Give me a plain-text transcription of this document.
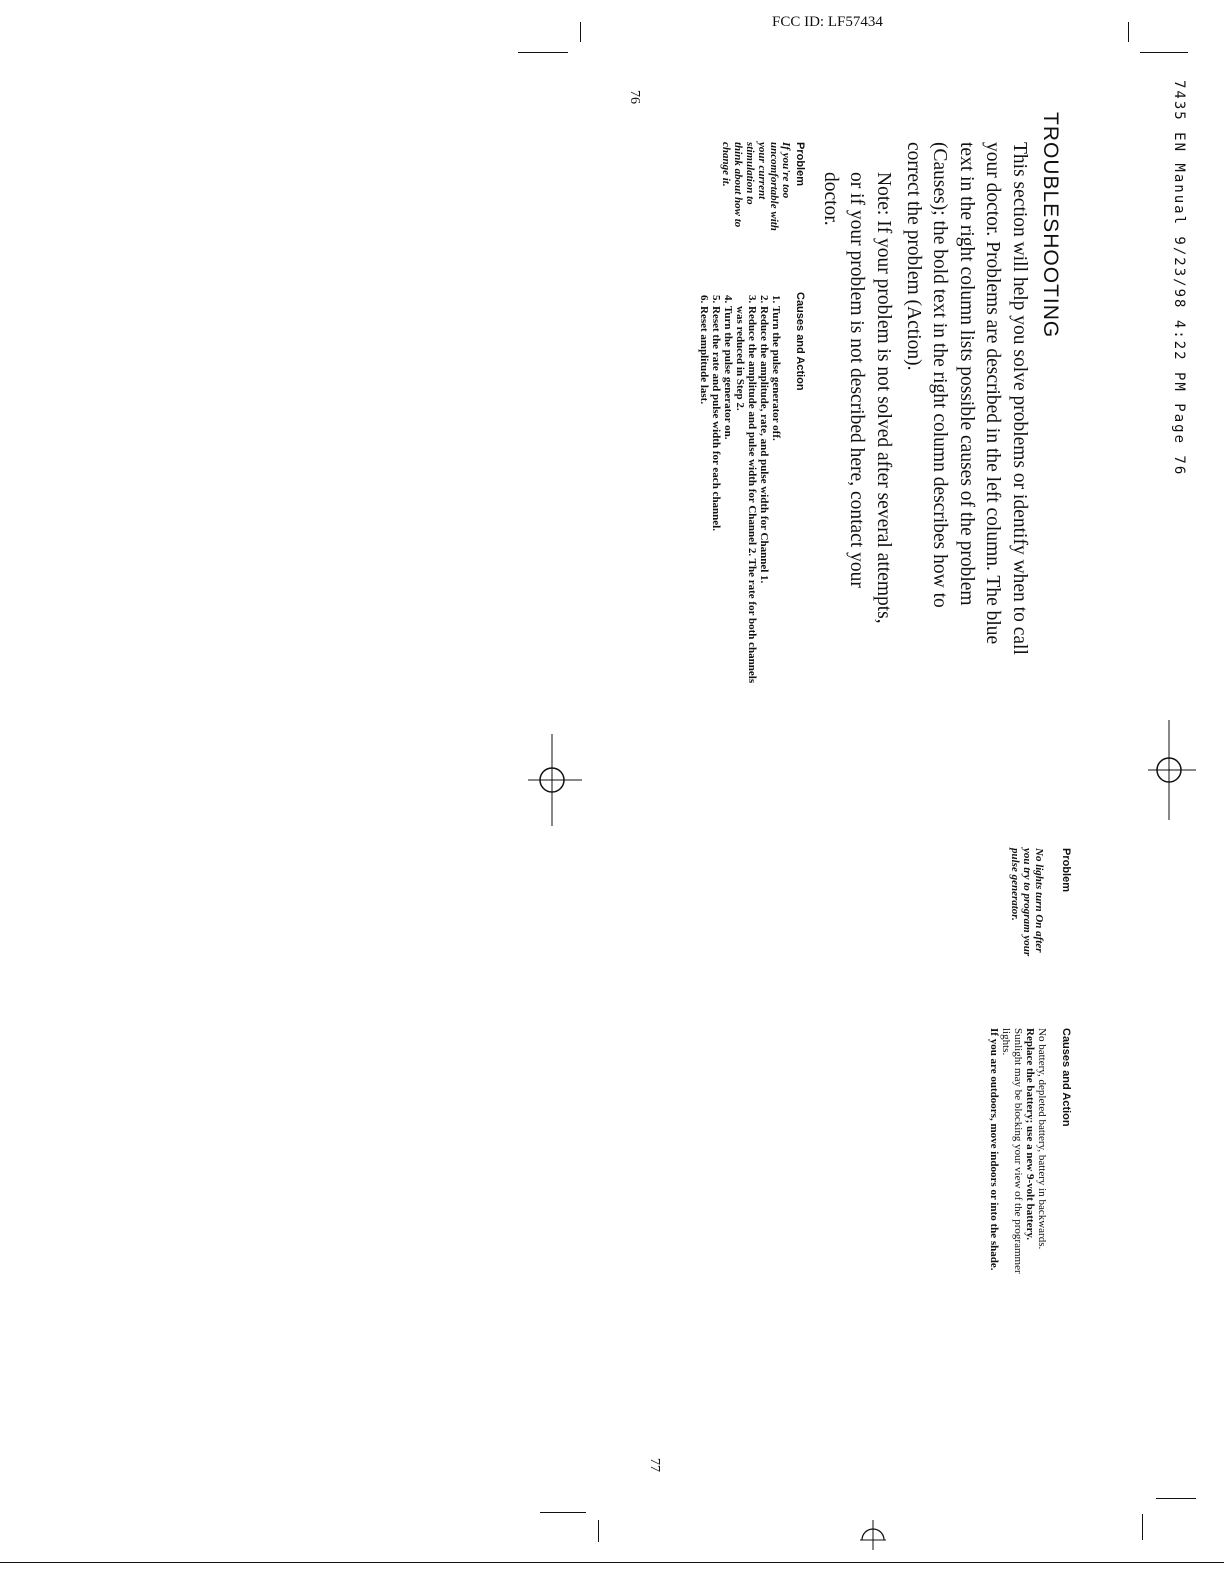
FCC ID: LF57434
7435 EN Manual 9/23/98 4:22 PM Page 76
TROUBLESHOOTING

This section will help you solve problems or identify when to call

your doctor. Problems are described in the left column. The blue

text in the right column lists possible causes of the problem

(Causes); the bold text in the right column describes how to

correct the problem (Action).

Note: If your problem is not solved after several attempts,

or if your problem is not described here, contact your

doctor.

Problem

If you're too

uncomfortable with

your current

stimulation to

think about how to

change it.

Causes and Action
1. Turn the pulse generator off.
2. Reduce the amplitude, rate, and pulse width for Channel 1.
3. Reduce the amplitude and pulse width for Channel 2. The rate for both channels was reduced in Step 2.
4. Turn the pulse generator on.
5. Reset the rate and pulse width for each channel.
6. Reset amplitude last.
76
Problem

No lights turn On after

you try to program your

pulse generator.

Causes and Action

No battery, depleted battery, battery in backwards.

Replace the battery; use a new 9-volt battery.

Sunlight may be blocking your view of the programmer

lights.

If you are outdoors, move indoors or into the shade.

77
